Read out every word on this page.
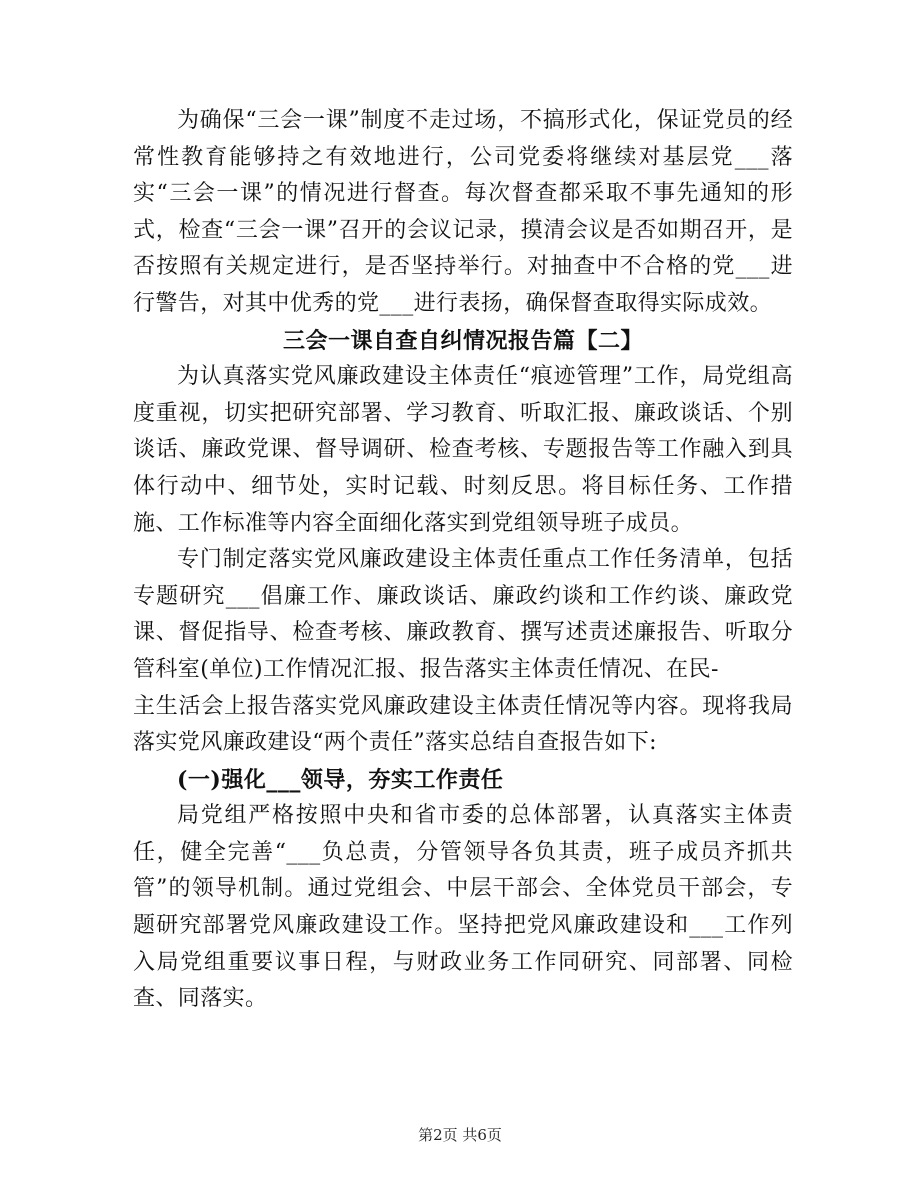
为确保“三会一课”制度不走过场，不搞形式化，保证党员的经常性教育能够持之有效地进行，公司党委将继续对基层党___落实“三会一课”的情况进行督查。每次督查都采取不事先通知的形式，检查“三会一课”召开的会议记录，摸清会议是否如期召开，是否按照有关规定进行，是否坚持举行。对抽查中不合格的党___进行警告，对其中优秀的党___进行表扬，确保督查取得实际成效。

三会一课自查自纠情况报告篇【二】

为认真落实党风廉政建设主体责任“痕迹管理”工作，局党组高度重视，切实把研究部署、学习教育、听取汇报、廉政谈话、个别谈话、廉政党课、督导调研、检查考核、专题报告等工作融入到具体行动中、细节处，实时记载、时刻反思。将目标任务、工作措施、工作标准等内容全面细化落实到党组领导班子成员。

专门制定落实党风廉政建设主体责任重点工作任务清单，包括专题研究___倡廉工作、廉政谈话、廉政约谈和工作约谈、廉政党课、督促指导、检查考核、廉政教育、撰写述责述廉报告、听取分管科室(单位)工作情况汇报、报告落实主体责任情况、在民-

主生活会上报告落实党风廉政建设主体责任情况等内容。现将我局落实党风廉政建设“两个责任”落实总结自查报告如下:

(一)强化___领导，夯实工作责任

局党组严格按照中央和省市委的总体部署，认真落实主体责任，健全完善“___负总责，分管领导各负其责，班子成员齐抓共管”的领导机制。通过党组会、中层干部会、全体党员干部会，专题研究部署党风廉政建设工作。坚持把党风廉政建设和___工作列入局党组重要议事日程，与财政业务工作同研究、同部署、同检查、同落实。

第2页 共6页
